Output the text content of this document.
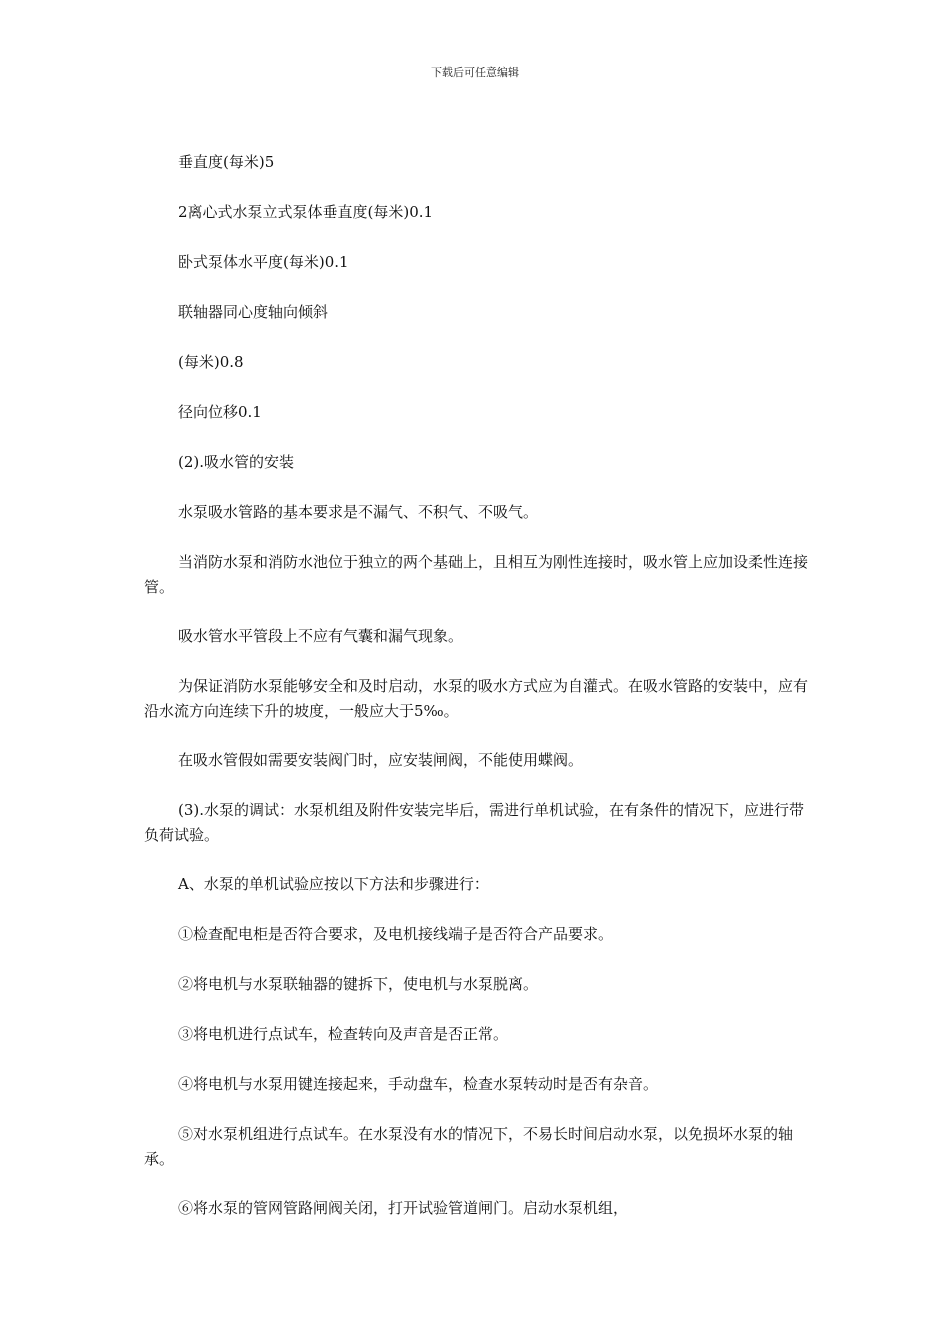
下载后可任意编辑

垂直度(每米)5

2离心式水泵立式泵体垂直度(每米)0.1

卧式泵体水平度(每米)0.1

联轴器同心度轴向倾斜

(每米)0.8

径向位移0.1

(2).吸水管的安装

水泵吸水管路的基本要求是不漏气、不积气、不吸气。

当消防水泵和消防水池位于独立的两个基础上，且相互为刚性连接时，吸水管上应加设柔性连接管。

吸水管水平管段上不应有气囊和漏气现象。

为保证消防水泵能够安全和及时启动，水泵的吸水方式应为自灌式。在吸水管路的安装中，应有沿水流方向连续下升的坡度，一般应大于5‰。

在吸水管假如需要安装阀门时，应安装闸阀，不能使用蝶阀。

(3).水泵的调试：水泵机组及附件安装完毕后，需进行单机试验，在有条件的情况下，应进行带负荷试验。

A、水泵的单机试验应按以下方法和步骤进行：

①检查配电柜是否符合要求，及电机接线端子是否符合产品要求。

②将电机与水泵联轴器的键拆下，使电机与水泵脱离。

③将电机进行点试车，检查转向及声音是否正常。

④将电机与水泵用键连接起来，手动盘车，检查水泵转动时是否有杂音。

⑤对水泵机组进行点试车。在水泵没有水的情况下，不易长时间启动水泵，以免损坏水泵的轴承。

⑥将水泵的管网管路闸阀关闭，打开试验管道闸门。启动水泵机组，
